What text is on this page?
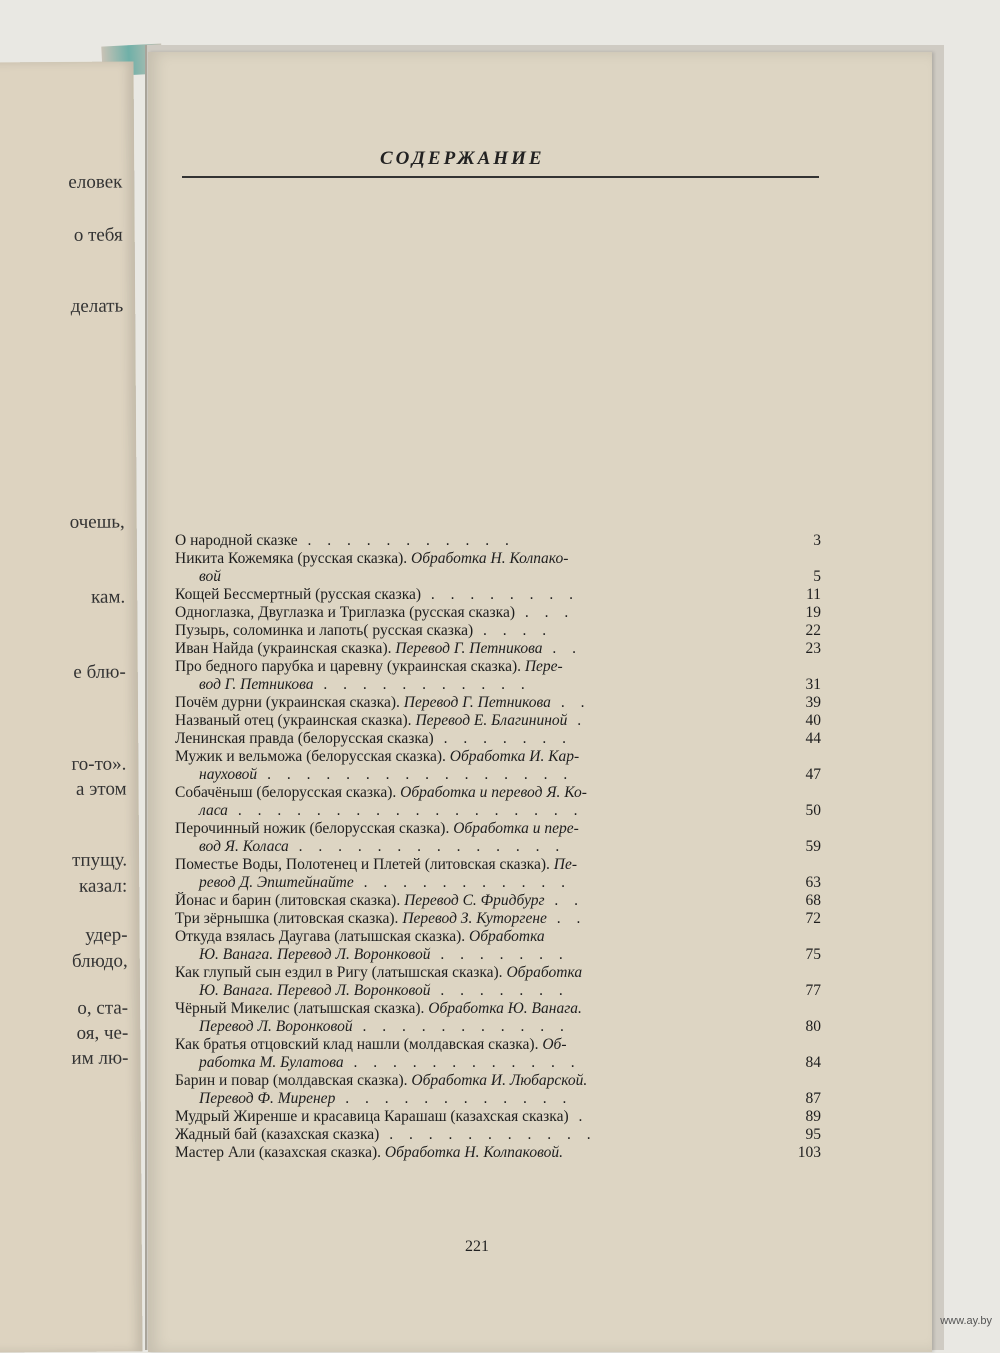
еловек
о тебя
делать
очешь,
кам.
е блю-
го-то».
а этом
тпущу.
казал:
удер-
блюдо,
о, ста-
оя, че-
им лю-
СОДЕРЖАНИЕ
О народной сказке . . . . . . . . . . .	3
Никита Кожемяка (русская сказка). Обработка Н. Колпако-
вой	5
Кощей Бессмертный (русская сказка) . . . . . . . .	11
Одноглазка, Двуглазка и Триглазка (русская сказка) . . .	19
Пузырь, соломинка и лапоть( русская сказка) . . . .	22
Иван Найда (украинская сказка). Перевод Г. Петникова . .	23
Про бедного парубка и царевну (украинская сказка). Пере-
вод Г. Петникова . . . . . . . . . . .	31
Почём дурни (украинская сказка). Перевод Г. Петникова . .	39
Названый отец (украинская сказка). Перевод Е. Благининой .	40
Ленинская правда (белорусская сказка) . . . . . . .	44
Мужик и вельможа (белорусская сказка). Обработка И. Кар-
науховой . . . . . . . . . . . . . . . .	47
Собачёныш (белорусская сказка). Обработка и перевод Я. Ко-
ласа . . . . . . . . . . . . . . . . . .	50
Перочинный ножик (белорусская сказка). Обработка и пере-
вод Я. Коласа . . . . . . . . . . . . . .	59
Поместье Воды, Полотенец и Плетей (литовская сказка). Пе-
ревод Д. Эпштейнайте . . . . . . . . . . .	63
Йонас и барин (литовская сказка). Перевод С. Фридбург . .	68
Три зёрнышка (литовская сказка). Перевод З. Куторгене . .	72
Откуда взялась Даугава (латышская сказка). Обработка
Ю. Ванага. Перевод Л. Воронковой . . . . . . .	75
Как глупый сын ездил в Ригу (латышская сказка). Обработка
Ю. Ванага. Перевод Л. Воронковой . . . . . . .	77
Чёрный Микелис (латышская сказка). Обработка Ю. Ванага.
Перевод Л. Воронковой . . . . . . . . . . .	80
Как братья отцовский клад нашли (молдавская сказка). Об-
работка М. Булатова . . . . . . . . . . . .	84
Барин и повар (молдавская сказка). Обработка И. Любарской.
Перевод Ф. Миренер . . . . . . . . . . . .	87
Мудрый Жиренше и красавица Карашаш (казахская сказка) .	89
Жадный бай (казахская сказка) . . . . . . . . . . .	95
Мастер Али (казахская сказка). Обработка Н. Колпаковой.	103
221
www.ay.by
